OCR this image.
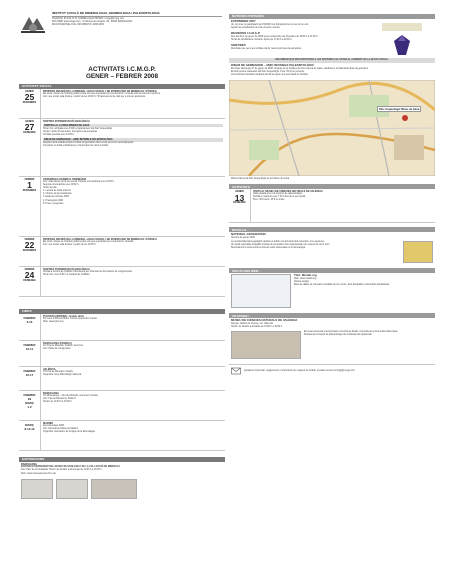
INSTITUT CATALÀ DE MINERALOGIA, GEMMOLOGIA I PALEONTOLOGIA
TELÈFON: 93 429 31 51 CORREU ELECTRÒNIC: icmgp@icmgp.com
PAG.WEB: www.icmgp.com - C/ Adreça de contacte, 08 - 08004 BARCELONA
DICCIONARI DEL FULL INFORMATIU: 2008-2009
ACTIVITATS I.C.M.G.P.
GENER – FEBRER 2008
ACTIVITAT SOCIAL
GENER
25
DIVENDRES
PROPERA REUNIÓ DE LA MINERAL·LOGIA SOCIAL I DE INTERCANVI DE MINERALS I FÒSSILS
Els socis i sòcies de l'Institut podran portar els seus exemplars per a intercanvi i consulta amb la resta de membres.
Lloc: seu social, sala d'actes. A partir de les 19:00 h. Hi haurà servei de cafè per a tots els assistents.
GENER
27
DIUMENGE
SORTIDA D'OBSERVACIÓ GEOLÒGICA
SORTIDA A LA ZONA MINERA DE GAVÀ
Hora i lloc: arribada a les 9:30h a l'aparcament del Parc Arqueològic.
Grups: màxim 25 persones. Inscripció a la secretaria.
Tornada prevista a les 14:00 h.
DINAR DE GERMANOR – AMIC INVISIBLE PALEONTOLÒGIC
Després de la sortida es farà un dinar de germanor obert a tots els socis i acompanyants.
Cal portar un fòssil embolicat per a l'intercanvi de l'amic invisible.
FEBRER
1
DIVENDRES
ASSEMBLEA GENERAL ORDINÀRIA
Lloc: sala d'actes de la seu social. Primera convocatòria a les 19:00 h.
Segona convocatòria a les 19:30 h.
Ordre del dia:
1. Lectura de l'acta anterior.
2. Informe de la presidència.
3. Estat de comptes 2007.
4. Pressupost 2008.
5. Precs i preguntes.
FEBRER
22
DIVENDRES
PROPERA REUNIÓ DE LA MINERAL·LOGIA SOCIAL I DE INTERCANVI DE MINERALS I FÒSSILS
Els socis i sòcies de l'Institut podran portar els seus exemplars per a intercanvi i consulta.
Lloc: seu social, sala d'actes. A partir de les 19:00 h.
FEBRER
24
DIUMENGE
SORTIDA D'OBSERVACIÓ GEOLÒGICA
Sortida a la zona de Collbató i Montserrat per observar les formacions de conglomerats.
Hora i lloc: a les 9:00 h a l'estació de Collbató.
FIRES
FEBRER
2-10
TUCSON (ARIZONA) - Estats Units
54ª Gem & Mineral Show. Tucson Convention Center.
Web: www.tgms.org
FEBRER
10-11
BARCELONA (FRANÇA)
12ª Fira de Minerals, Fòssils i Gemmes.
Lloc: Palau de Congressos.
FEBRER
16-17
VALÈNCIA
XVI Fira de Minerals i Fòssils.
Organitza: Grup Mineralògic Valencià.
FEBRER
29
MARÇ
1-2
BARCELONA
XX Mineralexpo – Fira de Minerals, Gemmes i Fòssils.
Lloc: Fira de Barcelona, Palau 8.
Horari: de 10:00 h a 20:00 h.
MARÇ
8-10-12
MADRID
Expominerales 2008.
Lloc: Escuela de Minas de Madrid.
Organitza: Asociación de Amigos de la Mineralogía.
EXPOSICIONS
BARCELONA
EXPOSICIÓ PERMANENT DEL MUSEU DE GEOLOGIA I DE LA COL·LECCIÓ DE MINERALS
Lloc: Parc de la Ciutadella. Horari: de dimarts a diumenge de 10:00 h a 19:00 h.
Web: www.museuciencies.bcn.cat
NOTÍCIES D'INTERÈS
EXPOMINER 2007
Un cop més, la participació de l'ICMGP a la fira Expominer va ser tot un èxit.
Agraïm la col·laboració de tots els socis i sòcies.
REUNIONS I.C.M.G.P.
Des del dia 1 de gener de 2008 la seu social obre els divendres de 18:00 h a 21:00 h.
Horari de la biblioteca: dimarts i dijous de 17:00 h a 20:00 h.
SORTIDES
Recordeu que per a les sortides cal fer reserva prèvia a la secretaria.
RECORDEM QUE PER PARTICIPAR A LES SORTIDES CAL ESTAR AL CORRENT DE LA QUOTA SOCIAL.
DINAR DE GERMANOR – AMIC INVISIBLE PALEONTOLÒGIC
El proper diumenge 27 de gener de 2008, després de la sortida a la zona minera de Gavà, celebrarem el tradicional dinar de germanor.
El dinar serà al restaurant del Parc Arqueològic. Preu: 25 € per persona.
Cal confirmar l'assistència abans del 20 de gener a la secretaria de l'Institut.
Parc Arqueològic Mines de Gavà
Plànol d'accés al Parc Arqueològic de les Mines de Gavà.
ACTIVITATS
GENER
13
DIUMENGE
VISITA AL MUSEU DE CIÈNCIES NATURALS DE VALÈNCIA
Visita guiada a les col·leccions de paleontologia.
Sortida en autocar a les 7:30 h des de la seu social.
Preu: 30 € socis, 35 € no socis.
DETALLS…
NATIONAL GEOGRAPHIC
Número de gener 2008
La revista National Geographic dedica un article a la formació dels minerals i a les gemmes.
Un ampli reportatge fotogràfic mostra els exemplars més espectaculars de museus de tot el món.
Recomanem la seva lectura a tots els socis interessats en la mineralogia.
UNA PLANA WEB…
Títol: Mindat.org
Web: www.mindat.org
Idioma: anglès
Base de dades de minerals i localitats de tot el món, amb fotografies i informació actualitzada.
UN MUSEU…
MUSEU DE CIÈNCIES NATURALS DE VALÈNCIA
Adreça: Jardins de Viveros, s/n. València.
Horari: de dimarts a dissabte de 10:00 h a 19:00 h.
El museu presenta una important col·lecció de fòssils i minerals de la Comunitat Valenciana.
Destaca la col·lecció de paleontologia de vertebrats del Quaternari.
Qualsevol comentari, suggeriment o informació que vulgueu fer arribar, el podeu enviar a icmgp@icmgp.com
